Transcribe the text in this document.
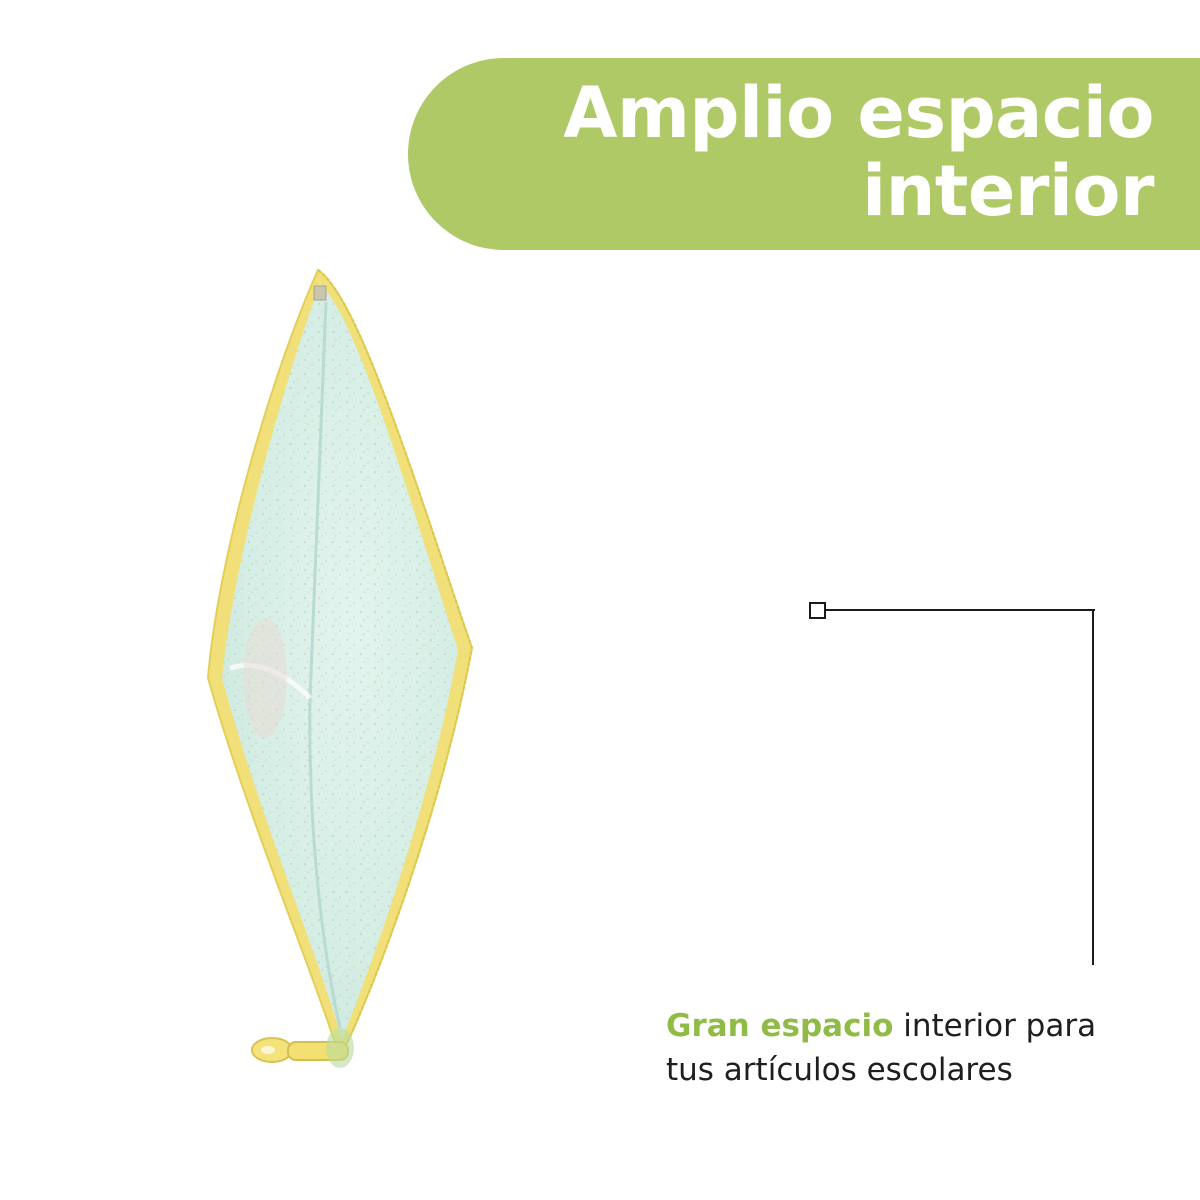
Amplio espacio
interior
Gran espacio interior para
tus artículos escolares
